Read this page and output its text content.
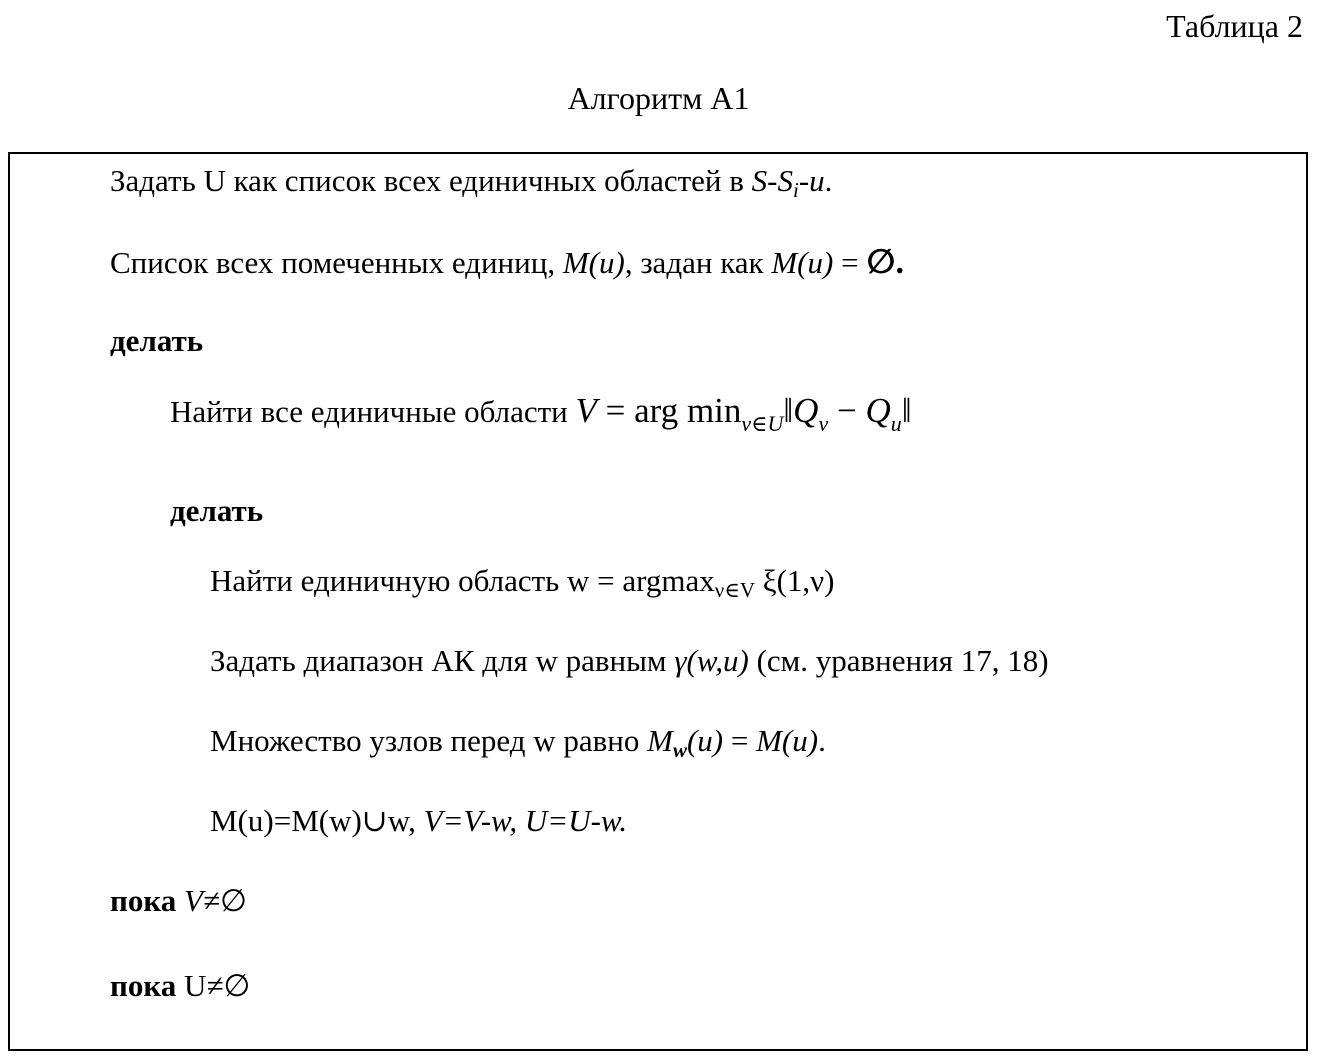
Таблица 2
Алгоритм А1
Задать U как список всех единичных областей в S-Si-u.
Список всех помеченных единиц, M(u), задан как M(u) = ∅.
делать
Найти все единичные области V = arg $\min_{v\in U}‖Q_v$ − $Q_u‖$
делать
Найти единичную область w = argmaxν∈V ξ(1,ν)
Задать диапазон АК для w равным γ(w,u) (см. уравнения 17, 18)
Множество узлов перед w равно Mw(u) = M(u).
M(u)=M(w)∪w, V=V-w, U=U-w.
пока V≠∅
пока U≠∅
